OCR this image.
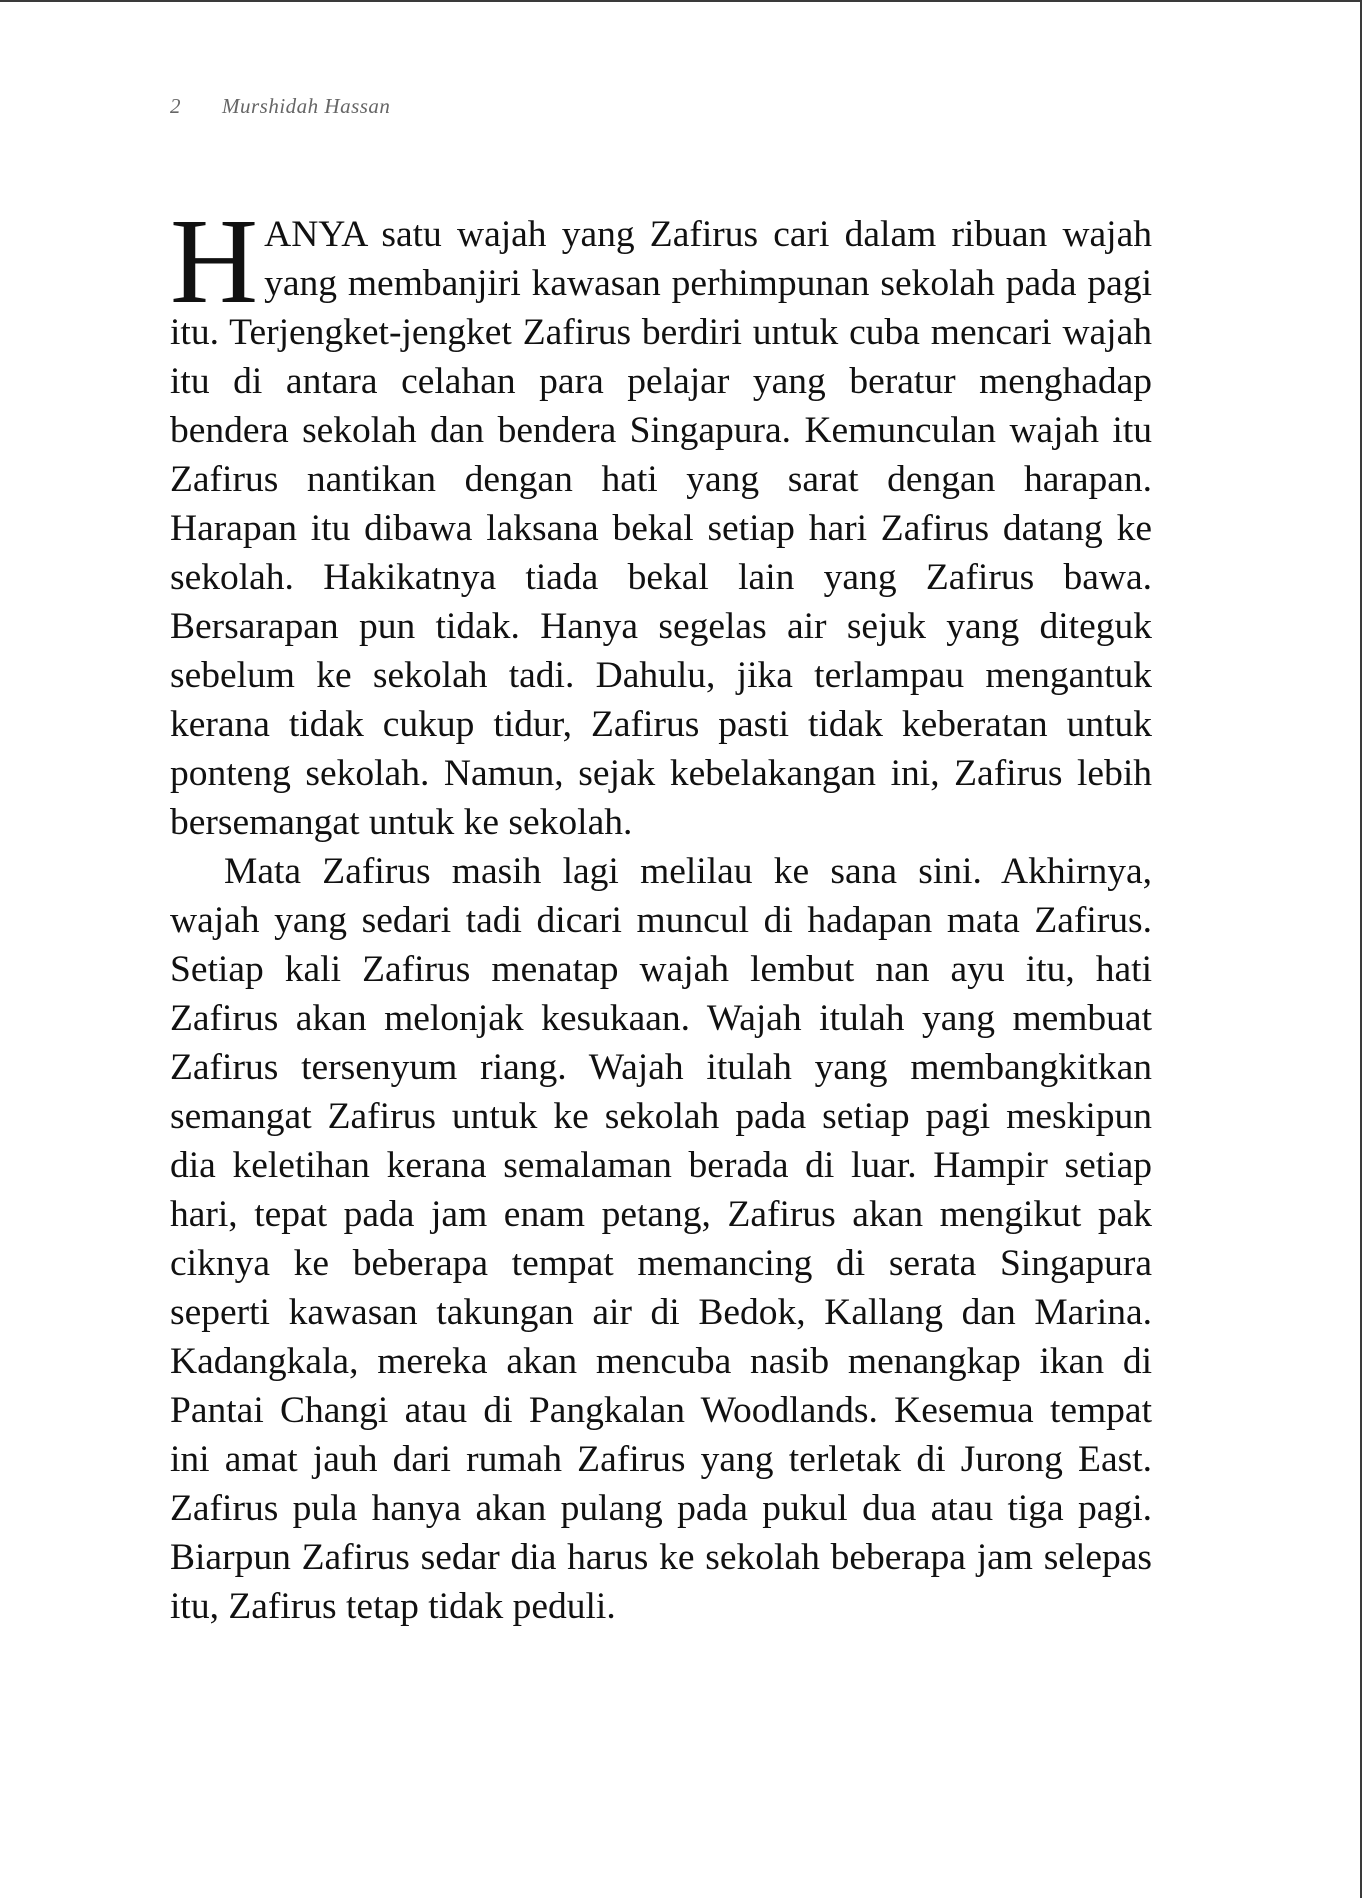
2 Murshidah Hassan

HANYA satu wajah yang Zafirus cari dalam ribuan wajah yang membanjiri kawasan perhimpunan sekolah pada pagi itu. Terjengket-jengket Zafirus berdiri untuk cuba mencari wajah itu di antara celahan para pelajar yang beratur menghadap bendera sekolah dan bendera Singapura. Kemunculan wajah itu Zafirus nantikan dengan hati yang sarat dengan harapan. Harapan itu dibawa laksana bekal setiap hari Zafirus datang ke sekolah. Hakikatnya tiada bekal lain yang Zafirus bawa. Bersarapan pun tidak. Hanya segelas air sejuk yang diteguk sebelum ke sekolah tadi. Dahulu, jika terlampau mengantuk kerana tidak cukup tidur, Zafirus pasti tidak keberatan untuk ponteng sekolah. Namun, sejak kebelakangan ini, Zafirus lebih bersemangat untuk ke sekolah.

Mata Zafirus masih lagi melilau ke sana sini. Akhirnya, wajah yang sedari tadi dicari muncul di hadapan mata Zafirus. Setiap kali Zafirus menatap wajah lembut nan ayu itu, hati Zafirus akan melonjak kesukaan. Wajah itulah yang membuat Zafirus tersenyum riang. Wajah itulah yang membangkitkan semangat Zafirus untuk ke sekolah pada setiap pagi meskipun dia keletihan kerana semalaman berada di luar. Hampir setiap hari, tepat pada jam enam petang, Zafirus akan mengikut pak ciknya ke beberapa tempat memancing di serata Singapura seperti kawasan takungan air di Bedok, Kallang dan Marina. Kadangkala, mereka akan mencuba nasib menangkap ikan di Pantai Changi atau di Pangkalan Woodlands. Kesemua tempat ini amat jauh dari rumah Zafirus yang terletak di Jurong East. Zafirus pula hanya akan pulang pada pukul dua atau tiga pagi. Biarpun Zafirus sedar dia harus ke sekolah beberapa jam selepas itu, Zafirus tetap tidak peduli.
